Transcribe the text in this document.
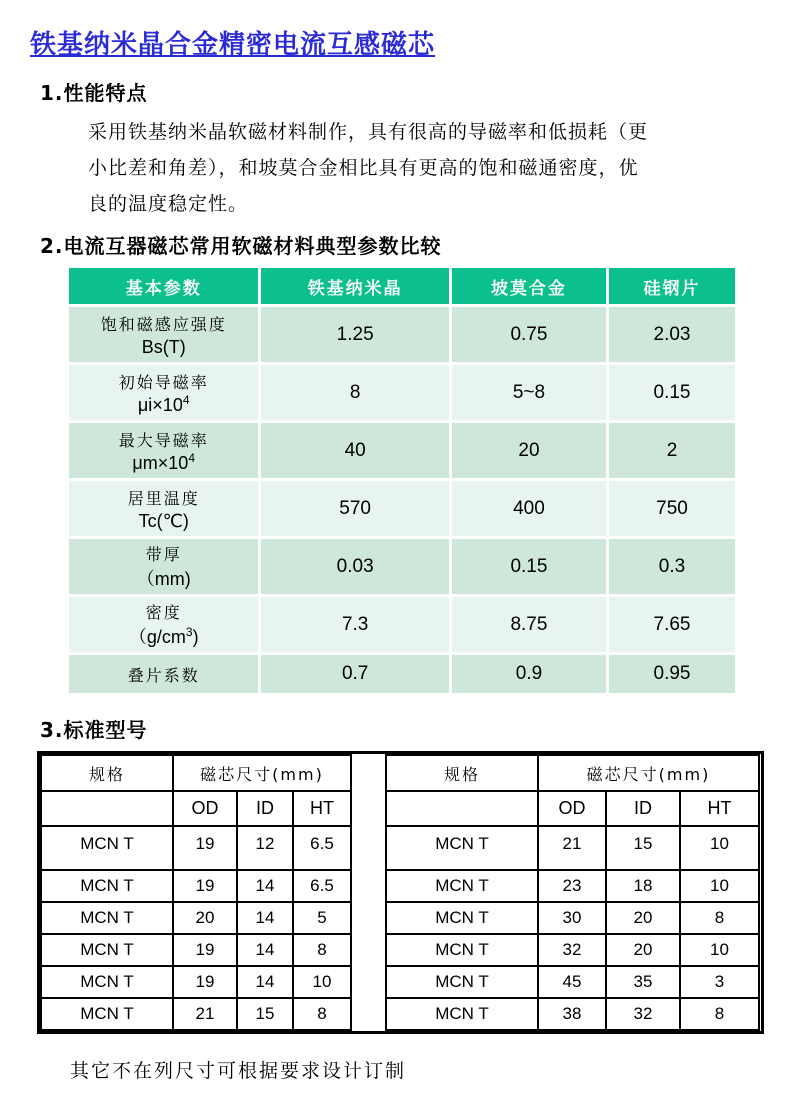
铁基纳米晶合金精密电流互感磁芯
1.性能特点
采用铁基纳米晶软磁材料制作，具有很高的导磁率和低损耗（更
小比差和角差），和坡莫合金相比具有更高的饱和磁通密度，优
良的温度稳定性。
2.电流互器磁芯常用软磁材料典型参数比较
基本参数	铁基纳米晶	坡莫合金	硅钢片

饱和磁感应强度
Bs(T)	1.25	0.75	2.03

初始导磁率
$\mu i\times 10^4$	8	5~8	0.15

最大导磁率
$\mu m\times 10^4$	40	20	2

居里温度
Tc(℃)	570	400	750

带厚
（mm)	0.03	0.15	0.3

密度
$(g/cm^3)$	7.3	8.75	7.65

叠片系数	0.7	0.9	0.95
3.标准型号
规格	磁芯尺寸(mm)		
	OD	ID	HT
MCN T	19	12	6.5
MCN T	19	14	6.5
MCN T	20	14	5
MCN T	19	14	8
MCN T	19	14	10
MCN T	21	15	8
规格	磁芯尺寸(mm)		
	OD	ID	HT
MCN T	21	15	10
MCN T	23	18	10
MCN T	30	20	8
MCN T	32	20	10
MCN T	45	35	3
MCN T	38	32	8
其它不在列尺寸可根据要求设计订制
